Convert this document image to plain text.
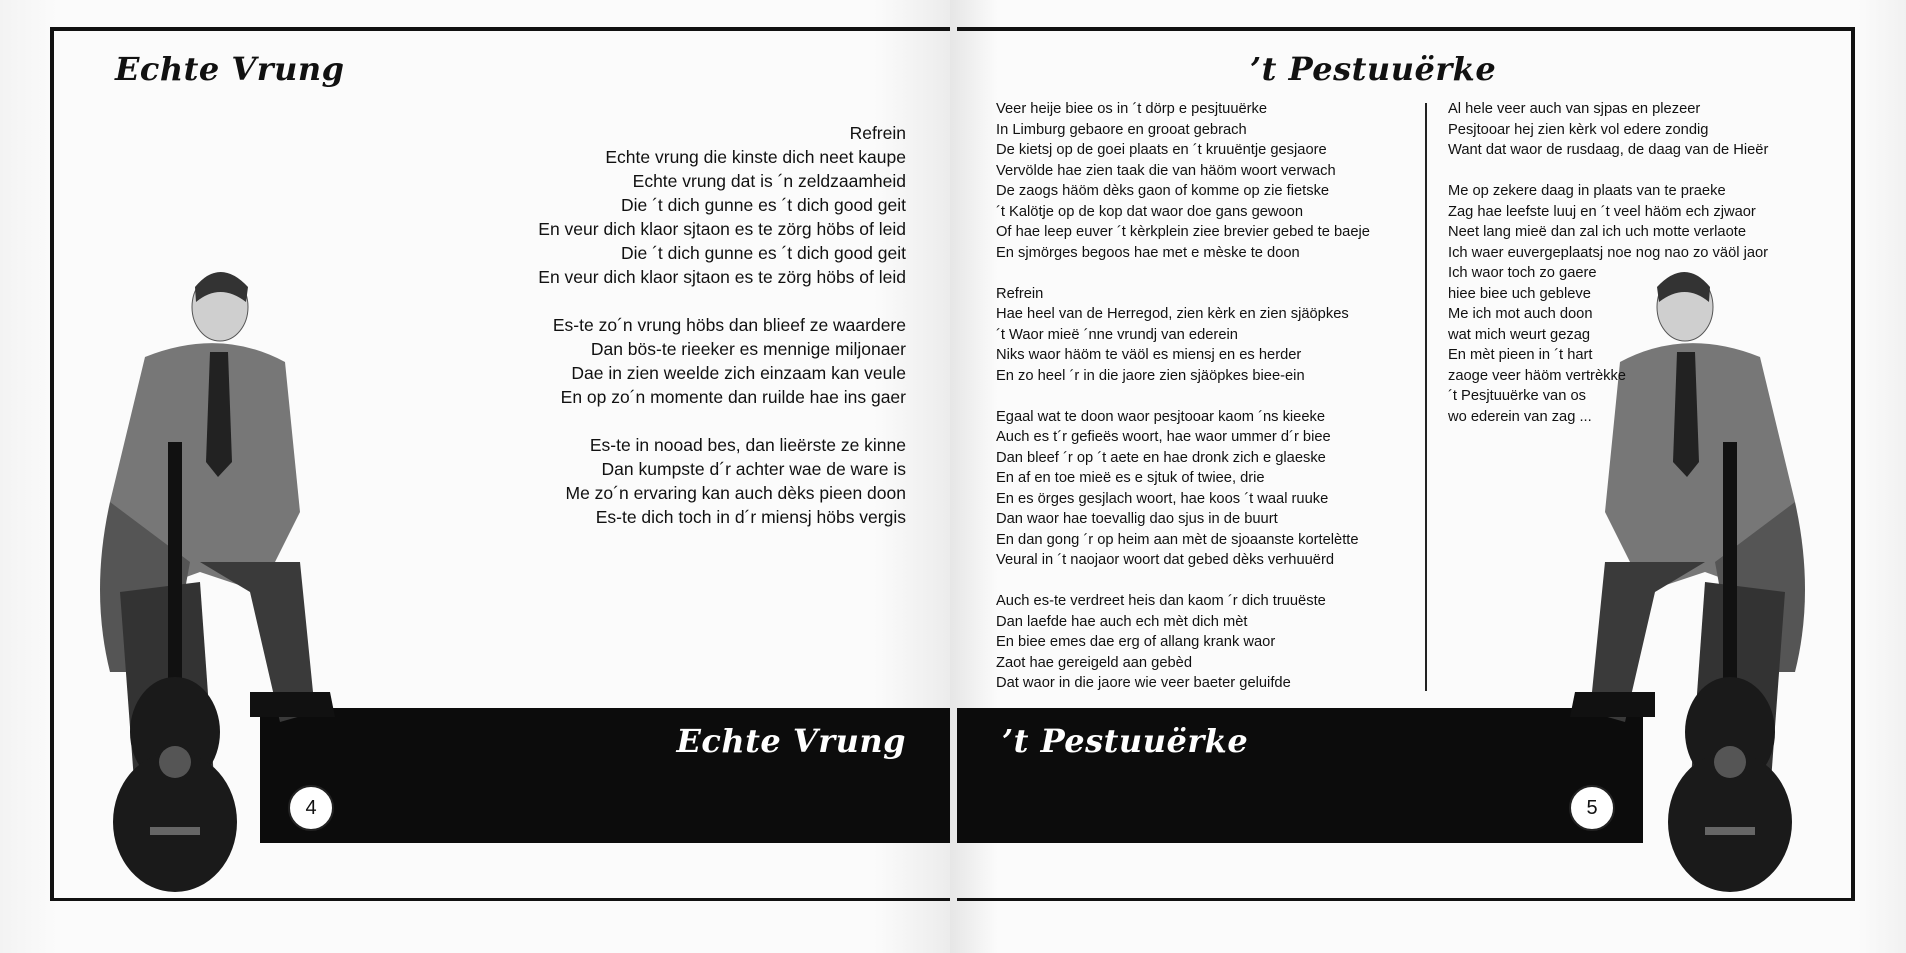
Echte Vrung	’t Pestuuërke
Refrein
Echte vrung die kinste dich neet kaupe
Echte vrung dat is ´n zeldzaamheid
Die ´t dich gunne es ´t dich good geit
En veur dich klaor sjtaon es te zörg höbs of leid
Die ´t dich gunne es ´t dich good geit
En veur dich klaor sjtaon es te zörg höbs of leid
Es-te zo´n vrung höbs dan blieef ze waardere
Dan bös-te rieeker es mennige miljonaer
Dae in zien weelde zich einzaam kan veule
En op zo´n momente dan ruilde hae ins gaer
Es-te in nooad bes, dan lieërste ze kinne
Dan kumpste d´r achter wae de ware is
Me zo´n ervaring kan auch dèks pieen doon
Es-te dich toch in d´r miensj höbs vergis
Veer heije biee os in ´t dörp e pesjtuuërke
In Limburg gebaore en grooat gebrach
De kietsj op de goei plaats en ´t kruuëntje gesjaore
Vervölde hae zien taak die van häöm woort verwach
De zaogs häöm dèks gaon of komme op zie fietske
´t Kalötje op de kop dat waor doe gans gewoon
Of hae leep euver ´t kèrkplein ziee brevier gebed te baeje
En sjmörges begoos hae met e mèske te doon
Refrein
Hae heel van de Herregod, zien kèrk en zien sjäöpkes
´t Waor mieë ´nne vrundj van ederein
Niks waor häöm te väöl es miensj en es herder
En zo heel ´r in die jaore zien sjäöpkes biee-ein
Egaal wat te doon waor pesjtooar kaom ´ns kieeke
Auch es t´r gefieës woort, hae waor ummer d´r biee
Dan bleef ´r op ´t aete en hae dronk zich e glaeske
En af en toe mieë es e sjtuk of twiee, drie
En es örges gesjlach woort, hae koos ´t waal ruuke
Dan waor hae toevallig dao sjus in de buurt
En dan gong ´r op heim aan mèt de sjoaanste kortelètte
Veural in ´t naojaor woort dat gebed dèks verhuuërd
Auch es-te verdreet heis dan kaom ´r dich truuëste
Dan laefde hae auch ech mèt dich mèt
En biee emes dae erg of allang krank waor
Zaot hae gereigeld aan gebèd
Dat waor in die jaore wie veer baeter geluifde
Al hele veer auch van sjpas en plezeer
Pesjtooar hej zien kèrk vol edere zondig
Want dat waor de rusdaag, de daag van de Hieër
Me op zekere daag in plaats van te praeke
Zag hae leefste luuj en ´t veel häöm ech zjwaor
Neet lang mieë dan zal ich uch motte verlaote
Ich waer euvergeplaatsj noe nog nao zo väöl jaor
Ich waor toch zo gaere
hiee biee uch gebleve
Me ich mot auch doon
wat mich weurt gezag
En mèt pieen in ´t hart
zaoge veer häöm vertrèkke
´t Pesjtuuërke van os
wo ederein van zag ...
Echte Vrung	’t Pestuuërke
4	5
